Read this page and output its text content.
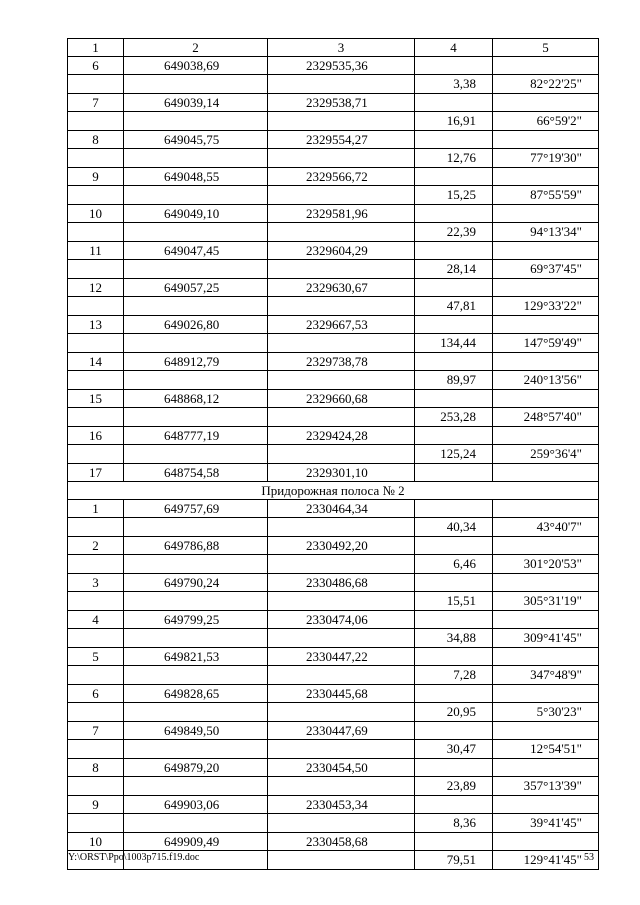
1	2	3	4	5
6	649038,69	2329535,36		
			3,38	82°22'25"
7	649039,14	2329538,71		
			16,91	66°59'2"
8	649045,75	2329554,27		
			12,76	77°19'30"
9	649048,55	2329566,72		
			15,25	87°55'59"
10	649049,10	2329581,96		
			22,39	94°13'34"
11	649047,45	2329604,29		
			28,14	69°37'45"
12	649057,25	2329630,67		
			47,81	129°33'22"
13	649026,80	2329667,53		
			134,44	147°59'49"
14	648912,79	2329738,78		
			89,97	240°13'56"
15	648868,12	2329660,68		
			253,28	248°57'40"
16	648777,19	2329424,28		
			125,24	259°36'4"
17	648754,58	2329301,10		
Придорожная полоса № 2				
1	649757,69	2330464,34		
			40,34	43°40'7"
2	649786,88	2330492,20		
			6,46	301°20'53"
3	649790,24	2330486,68		
			15,51	305°31'19"
4	649799,25	2330474,06		
			34,88	309°41'45"
5	649821,53	2330447,22		
			7,28	347°48'9"
6	649828,65	2330445,68		
			20,95	5°30'23"
7	649849,50	2330447,69		
			30,47	12°54'51"
8	649879,20	2330454,50		
			23,89	357°13'39"
9	649903,06	2330453,34		
			8,36	39°41'45"
10	649909,49	2330458,68		
			79,51	129°41'45"
Y:\ORST\Ppo\1003p715.f19.doc	53
